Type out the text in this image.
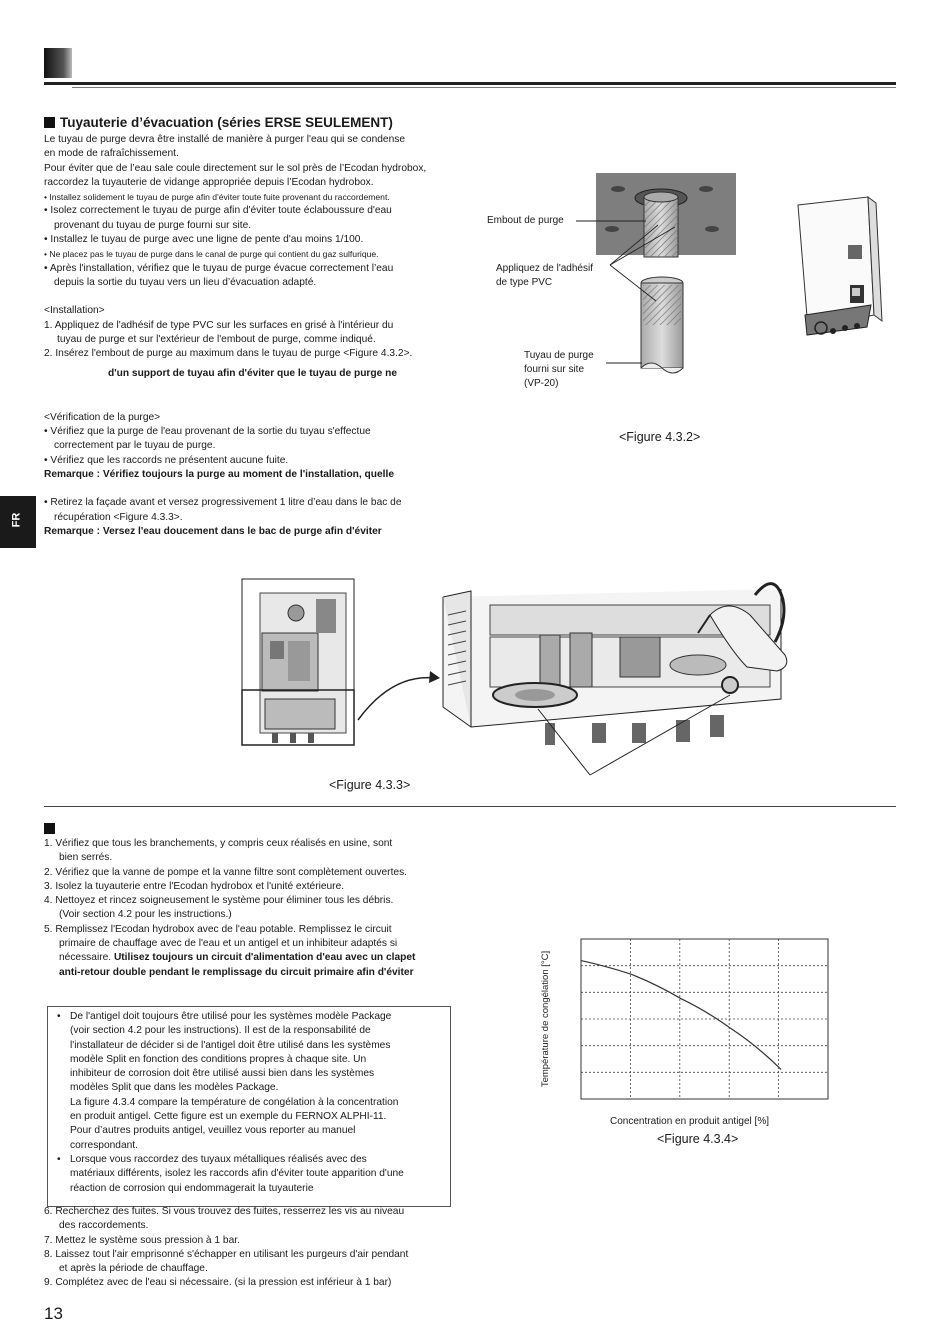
FR
Tuyauterie d’évacuation (séries ERSE SEULEMENT)
Le tuyau de purge devra être installé de manière à purger l'eau qui se condense
en mode de rafraîchissement.
Pour éviter que de l’eau sale coule directement sur le sol près de l’Ecodan hydrobox,
raccordez la tuyauterie de vidange appropriée depuis l’Ecodan hydrobox.
• Installez solidement le tuyau de purge afin d'éviter toute fuite provenant du raccordement.
• Isolez correctement le tuyau de purge afin d'éviter toute éclaboussure d'eau
provenant du tuyau de purge fourni sur site.
• Installez le tuyau de purge avec une ligne de pente d'au moins 1/100.
• Ne placez pas le tuyau de purge dans le canal de purge qui contient du gaz sulfurique.
• Après l'installation, vérifiez que le tuyau de purge évacue correctement l’eau
depuis la sortie du tuyau vers un lieu d’évacuation adapté.
<Installation>
1. Appliquez de l'adhésif de type PVC sur les surfaces en grisé à l'intérieur du
tuyau de purge et sur l'extérieur de l'embout de purge, comme indiqué.
2. Insérez l'embout de purge au maximum dans le tuyau de purge <Figure 4.3.2>.
d'un support de tuyau afin d'éviter que le tuyau de purge ne
<Vérification de la purge>
• Vérifiez que la purge de l'eau provenant de la sortie du tuyau s'effectue
correctement par le tuyau de purge.
• Vérifiez que les raccords ne présentent aucune fuite.
Remarque : Vérifiez toujours la purge au moment de l'installation, quelle
• Retirez la façade avant et versez progressivement 1 litre d’eau dans le bac de
récupération <Figure 4.3.3>.
Remarque : Versez l'eau doucement dans le bac de purge afin d'éviter
Embout de purge
Appliquez de l'adhésif
de type PVC
Tuyau de purge
fourni sur site
(VP-20)
<Figure 4.3.2>
<Figure 4.3.3>
1. Vérifiez que tous les branchements, y compris ceux réalisés en usine, sont
bien serrés.
2. Vérifiez que la vanne de pompe et la vanne filtre sont complètement ouvertes.
3. Isolez la tuyauterie entre l'Ecodan hydrobox et l'unité extérieure.
4. Nettoyez et rincez soigneusement le système pour éliminer tous les débris.
(Voir section 4.2 pour les instructions.)
5. Remplissez l'Ecodan hydrobox avec de l'eau potable. Remplissez le circuit
primaire de chauffage avec de l'eau et un antigel et un inhibiteur adaptés si
nécessaire. Utilisez toujours un circuit d'alimentation d'eau avec un clapet
anti-retour double pendant le remplissage du circuit primaire afin d'éviter
• De l'antigel doit toujours être utilisé pour les systèmes modèle Package
(voir section 4.2 pour les instructions). Il est de la responsabilité de
l'installateur de décider si de l'antigel doit être utilisé dans les systèmes
modèle Split en fonction des conditions propres à chaque site. Un
inhibiteur de corrosion doit être utilisé aussi bien dans les systèmes
modèles Split que dans les modèles Package.
La figure 4.3.4 compare la température de congélation à la concentration
en produit antigel. Cette figure est un exemple du FERNOX ALPHI-11.
Pour d’autres produits antigel, veuillez vous reporter au manuel
correspondant.
• Lorsque vous raccordez des tuyaux métalliques réalisés avec des
matériaux différents, isolez les raccords afin d'éviter toute apparition d'une
réaction de corrosion qui endommagerait la tuyauterie
6. Recherchez des fuites. Si vous trouvez des fuites, resserrez les vis au niveau
des raccordements.
7. Mettez le système sous pression à 1 bar.
8. Laissez tout l'air emprisonné s'échapper en utilisant les purgeurs d'air pendant
et après la période de chauffage.
9. Complétez avec de l'eau si nécessaire. (si la pression est inférieur à 1 bar)
Température de congélation [°C]
Concentration en produit antigel [%]
<Figure 4.3.4>
13
